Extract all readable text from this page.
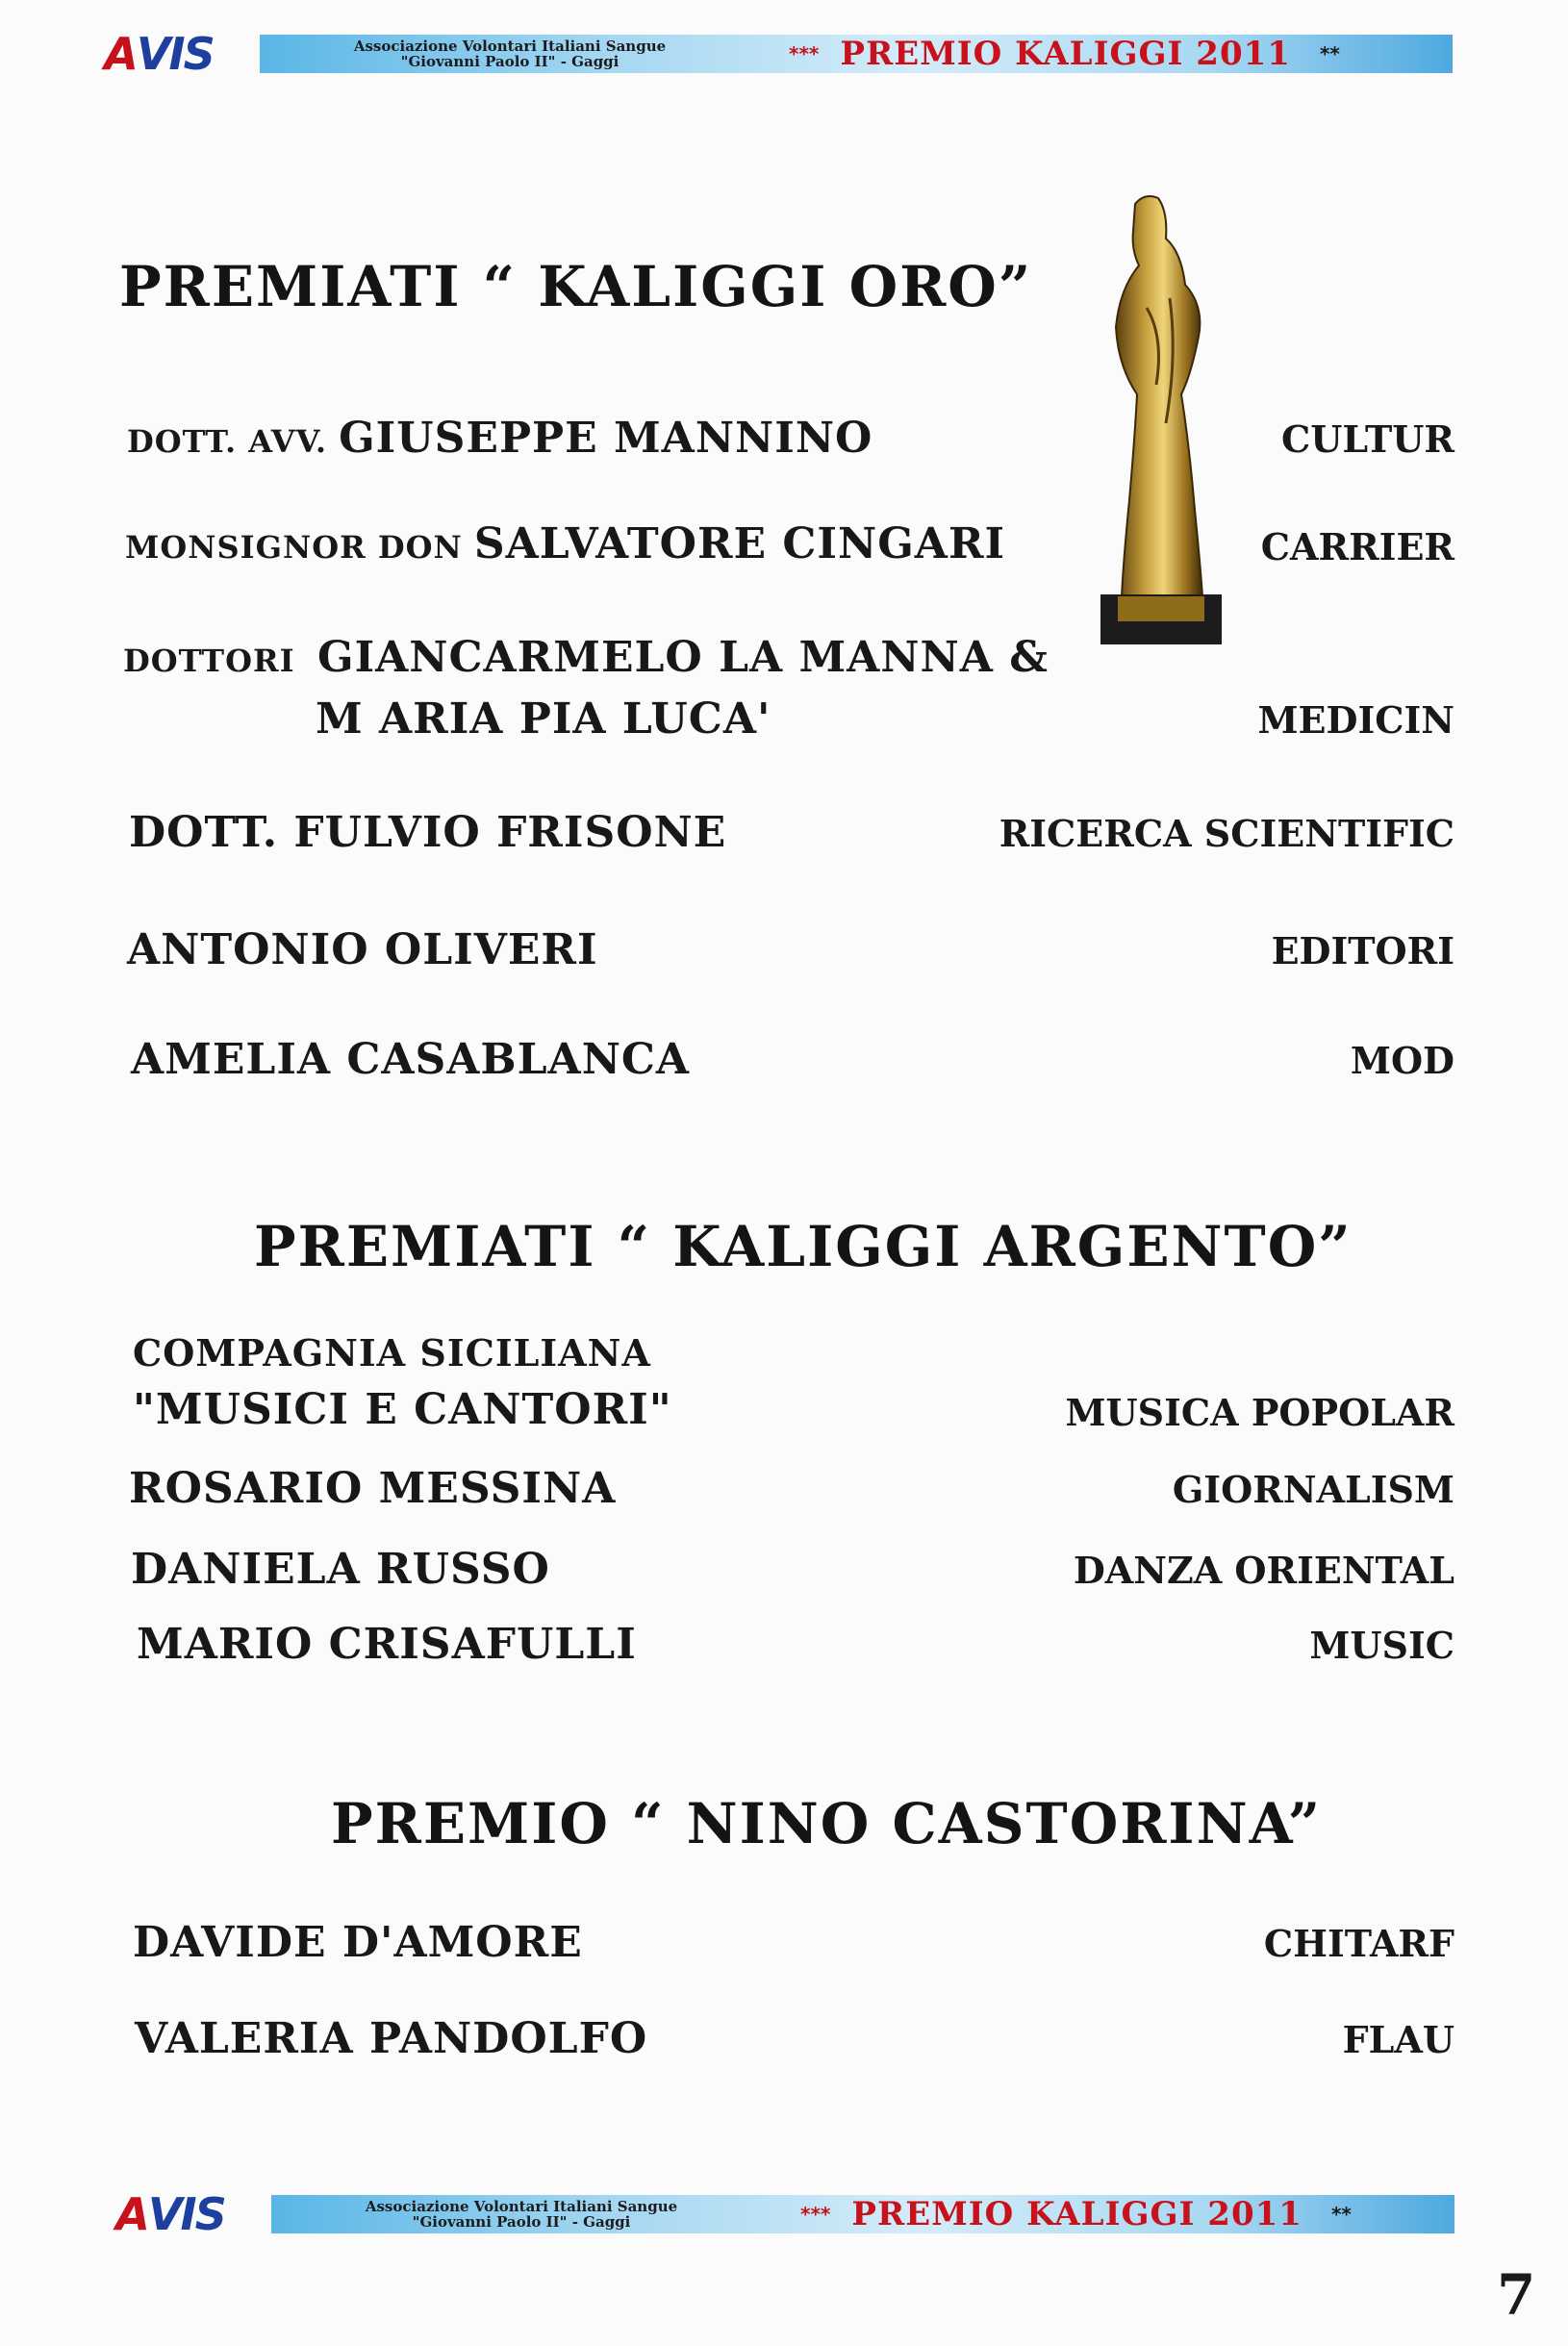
A VIS	Associazione Volontari Italiani Sangue
"Giovanni Paolo II" - Gaggi	*** PREMIO KALIGGI 2011 **
PREMIATI “ KALIGGI ORO”
DOTT. AVV. GIUSEPPE MANNINO	CULTUR
MONSIGNOR DON SALVATORE CINGARI	CARRIER
DOTTORI GIANCARMELO LA MANNA &
M ARIA PIA LUCA'	MEDICIN
DOTT. FULVIO FRISONE	RICERCA SCIENTIFIC
ANTONIO OLIVERI	EDITORI
AMELIA CASABLANCA	MOD
PREMIATI “ KALIGGI ARGENTO”
COMPAGNIA SICILIANA
"MUSICI E CANTORI"	MUSICA POPOLAR
ROSARIO MESSINA	GIORNALISM
DANIELA RUSSO	DANZA ORIENTAL
MARIO CRISAFULLI	MUSIC
PREMIO “ NINO CASTORINA”
DAVIDE D'AMORE	CHITARF
VALERIA PANDOLFO	FLAU
A VIS	Associazione Volontari Italiani Sangue
"Giovanni Paolo II" - Gaggi	*** PREMIO KALIGGI 2011 **
7
